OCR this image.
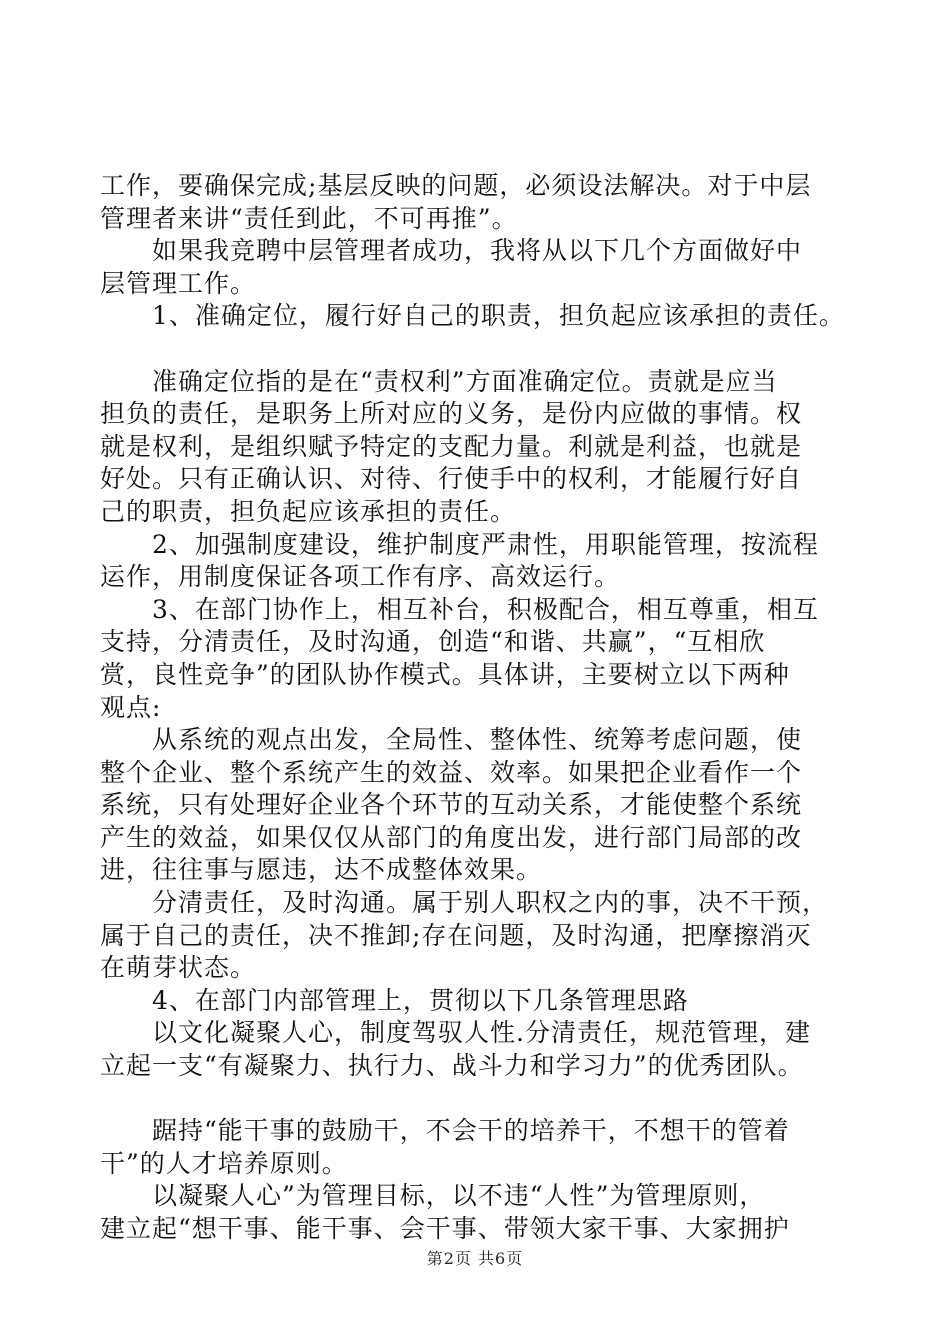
工作，要确保完成;基层反映的问题，必须设法解决。对于中层
管理者来讲“责任到此，不可再推”。
　　如果我竞聘中层管理者成功，我将从以下几个方面做好中
层管理工作。
　　1、准确定位，履行好自己的职责，担负起应该承担的责任。
　　准确定位指的是在“责权利”方面准确定位。责就是应当
担负的责任，是职务上所对应的义务，是份内应做的事情。权
就是权利，是组织赋予特定的支配力量。利就是利益，也就是
好处。只有正确认识、对待、行使手中的权利，才能履行好自
己的职责，担负起应该承担的责任。
　　2、加强制度建设，维护制度严肃性，用职能管理，按流程
运作，用制度保证各项工作有序、高效运行。
　　3、在部门协作上，相互补台，积极配合，相互尊重，相互
支持，分清责任，及时沟通，创造“和谐、共赢”，“互相欣
赏，良性竞争”的团队协作模式。具体讲，主要树立以下两种
观点:
　　从系统的观点出发，全局性、整体性、统筹考虑问题，使
整个企业、整个系统产生的效益、效率。如果把企业看作一个
系统，只有处理好企业各个环节的互动关系，才能使整个系统
产生的效益，如果仅仅从部门的角度出发，进行部门局部的改
进，往往事与愿违，达不成整体效果。
　　分清责任，及时沟通。属于别人职权之内的事，决不干预，
属于自己的责任，决不推卸;存在问题，及时沟通，把摩擦消灭
在萌芽状态。
　　4、在部门内部管理上，贯彻以下几条管理思路
　　以文化凝聚人心，制度驾驭人性.分清责任，规范管理，建
立起一支“有凝聚力、执行力、战斗力和学习力”的优秀团队。
　　踞持“能干事的鼓励干，不会干的培养干，不想干的管着
干”的人才培养原则。
　　以凝聚人心”为管理目标，以不违“人性”为管理原则，
建立起“想干事、能干事、会干事、带领大家干事、大家拥护
第2页 共6页
